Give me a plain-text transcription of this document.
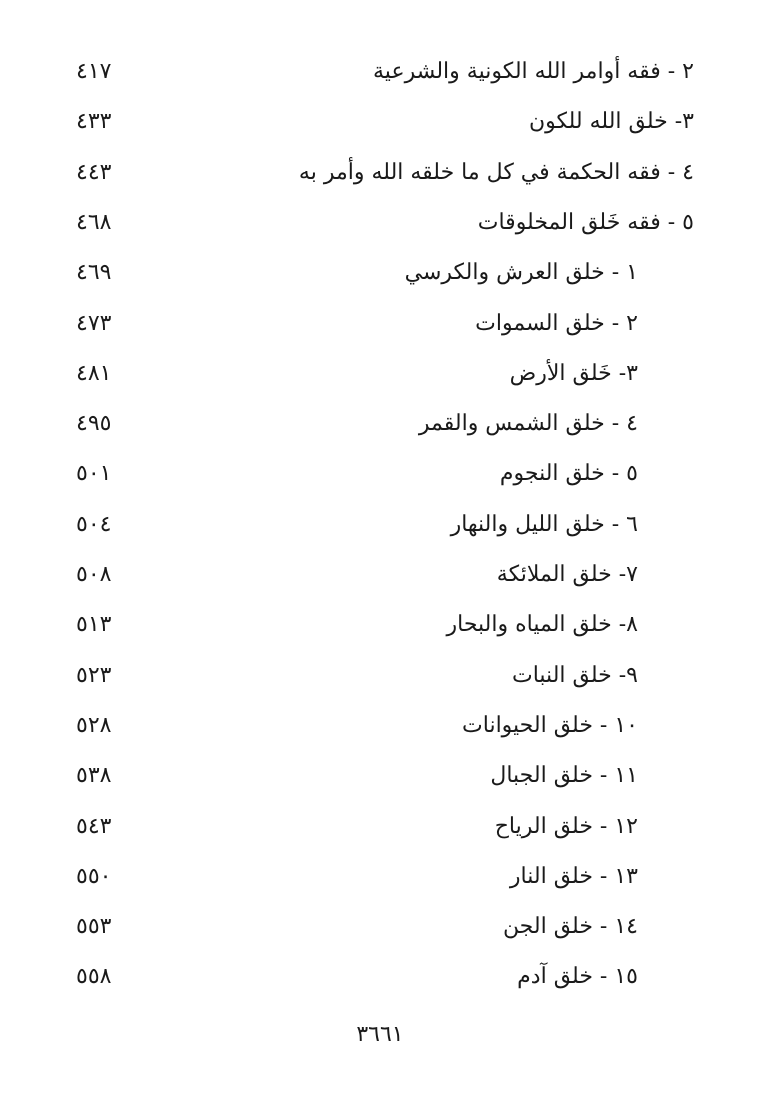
٢ - فقه أوامر الله الكونية والشرعية
٤١٧
٣- خلق الله للكون
٤٣٣
٤ - فقه الحكمة في كل ما خلقه الله وأمر به
٤٤٣
٥ - فقه خَلق المخلوقات
٤٦٨
١ - خلق العرش والكرسي
٤٦٩
٢ - خلق السموات
٤٧٣
٣- خَلق الأرض
٤٨١
٤ - خلق الشمس والقمر
٤٩٥
٥ - خلق النجوم
٥٠١
٦ - خلق الليل والنهار
٥٠٤
٧- خلق الملائكة
٥٠٨
٨- خلق المياه والبحار
٥١٣
٩- خلق النبات
٥٢٣
١٠ - خلق الحيوانات
٥٢٨
١١ - خلق الجبال
٥٣٨
١٢ - خلق الرياح
٥٤٣
١٣ - خلق النار
٥٥٠
١٤ - خلق الجن
٥٥٣
١٥ - خلق آدم
٥٥٨
٣٦٦١
